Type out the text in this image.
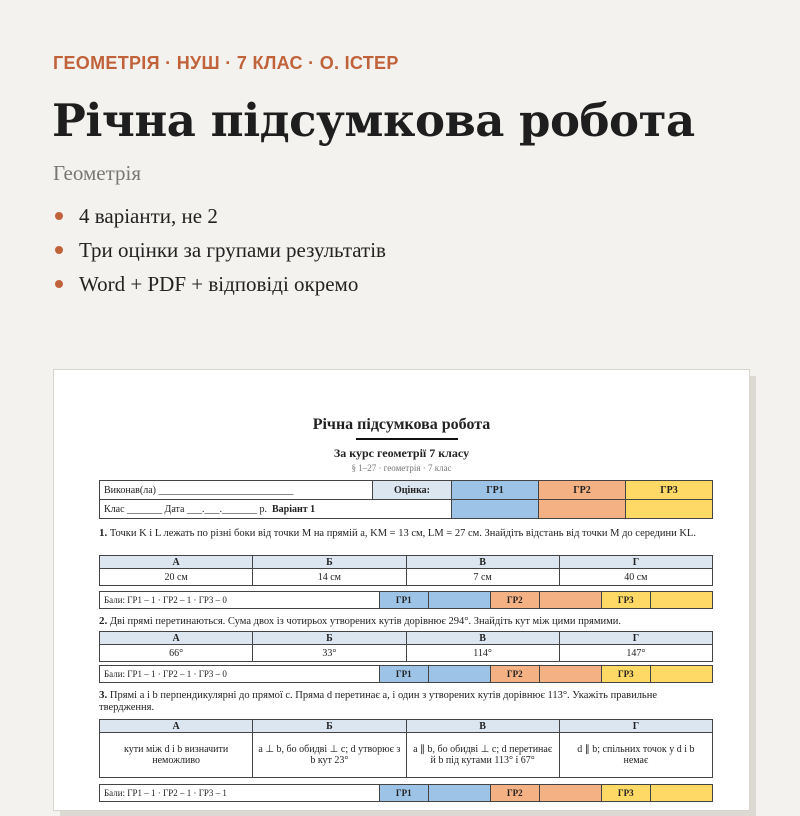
ГЕОМЕТРІЯ · НУШ · 7 КЛАС · О. ІСТЕР
Річна підсумкова робота
Геометрія
4 варіанти, не 2
Три оцінки за групами результатів
Word + PDF + відповіді окремо
Річна підсумкова робота
За курс геометрії 7 класу
§ 1–27 · геометрія · 7 клас
Виконав(ла) ___________________________	Оцінка:	ГР1	ГР2	ГР3
Клас _______ Дата ___.___._______ р. Варіант 1				
1. Точки K і L лежать по різні боки від точки M на прямій a, KM = 13 см, LM = 27 см. Знайдіть відстань від точки M до середини KL.
А	Б	В	Г
20 см	14 см	7 см	40 см
Бали: ГР1 – 1 · ГР2 – 1 · ГР3 – 0	ГР1		ГР2		ГР3	
2. Дві прямі перетинаються. Сума двох із чотирьох утворених кутів дорівнює 294°. Знайдіть кут між цими прямими.
А	Б	В	Г
66°	33°	114°	147°
Бали: ГР1 – 1 · ГР2 – 1 · ГР3 – 0	ГР1		ГР2		ГР3	
3. Прямі a і b перпендикулярні до прямої c. Пряма d перетинає a, і один з утворених кутів дорівнює 113°. Укажіть правильне твердження.
А	Б	В	Г
кути між d і b визначити неможливо	a ⊥ b, бо обидві ⊥ c; d утворює з b кут 23°	a ∥ b, бо обидві ⊥ c; d перетинає й b під кутами 113° і 67°	d ∥ b; спільних точок у d і b немає
Бали: ГР1 – 1 · ГР2 – 1 · ГР3 – 1	ГР1		ГР2		ГР3	
